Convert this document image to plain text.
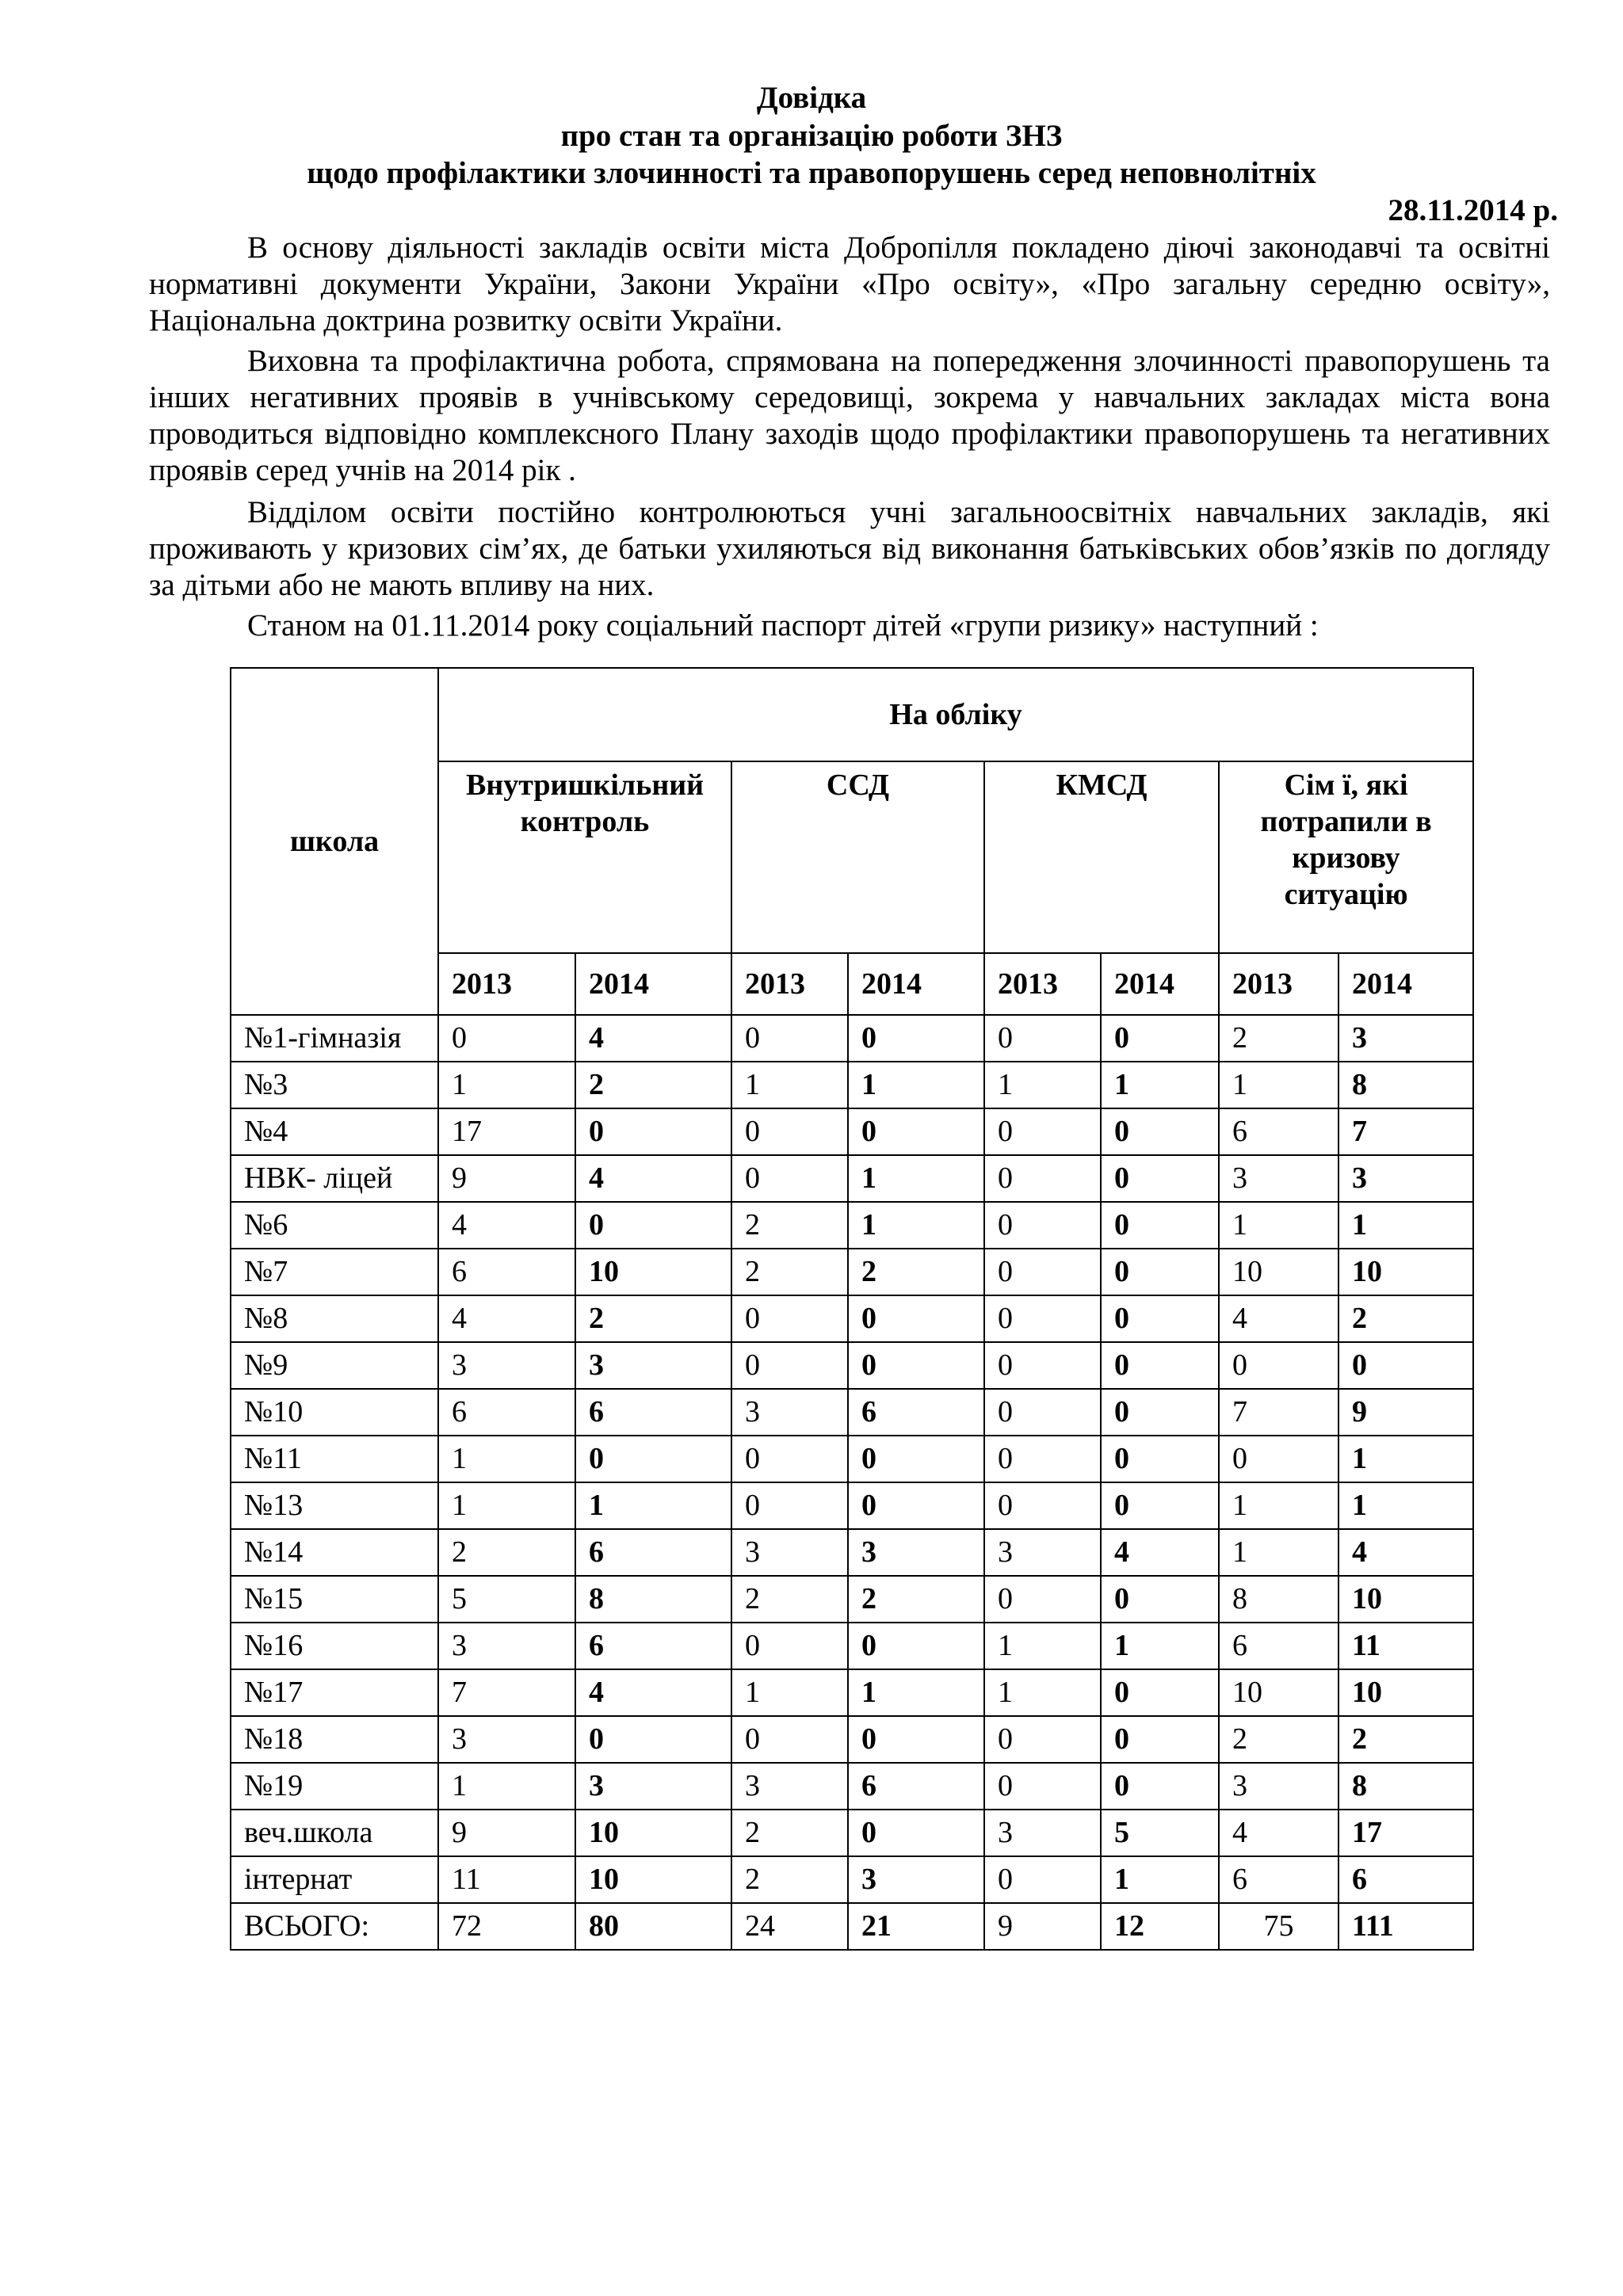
Довідка
про стан та організацію роботи ЗНЗ
щодо профілактики злочинності та правопорушень серед неповнолітніх
28.11.2014 р.

В основу діяльності закладів освіти міста Добропілля покладено діючі законодавчі та освітні нормативні документи України, Закони України «Про освіту», «Про загальну середню освіту», Національна доктрина розвитку освіти України.

Виховна та профілактична робота, спрямована на попередження злочинності правопорушень та інших негативних проявів в учнівському середовищі, зокрема у навчальних закладах міста вона проводиться відповідно комплексного Плану заходів щодо профілактики правопорушень та негативних проявів серед учнів на 2014 рік .

Відділом освіти постійно контролюються учні загальноосвітніх навчальних закладів, які проживають у кризових сім’ях, де батьки ухиляються від виконання батьківських обов’язків по догляду за дітьми або не мають впливу на них.

Станом на 01.11.2014 року соціальний паспорт дітей «групи ризику» наступний :

школа	На обліку							
	Внутришкільний контроль		ССД		КМСД		Сім ї, які потрапили в кризову ситуацію	
	2013	2014	2013	2014	2013	2014	2013	2014
№1-гімназія	0	4	0	0	0	0	2	3
№3	1	2	1	1	1	1	1	8
№4	17	0	0	0	0	0	6	7
НВК- ліцей	9	4	0	1	0	0	3	3
№6	4	0	2	1	0	0	1	1
№7	6	10	2	2	0	0	10	10
№8	4	2	0	0	0	0	4	2
№9	3	3	0	0	0	0	0	0
№10	6	6	3	6	0	0	7	9
№11	1	0	0	0	0	0	0	1
№13	1	1	0	0	0	0	1	1
№14	2	6	3	3	3	4	1	4
№15	5	8	2	2	0	0	8	10
№16	3	6	0	0	1	1	6	11
№17	7	4	1	1	1	0	10	10
№18	3	0	0	0	0	0	2	2
№19	1	3	3	6	0	0	3	8
веч.школа	9	10	2	0	3	5	4	17
інтернат	11	10	2	3	0	1	6	6
ВСЬОГО:	72	80	24	21	9	12	75	111
